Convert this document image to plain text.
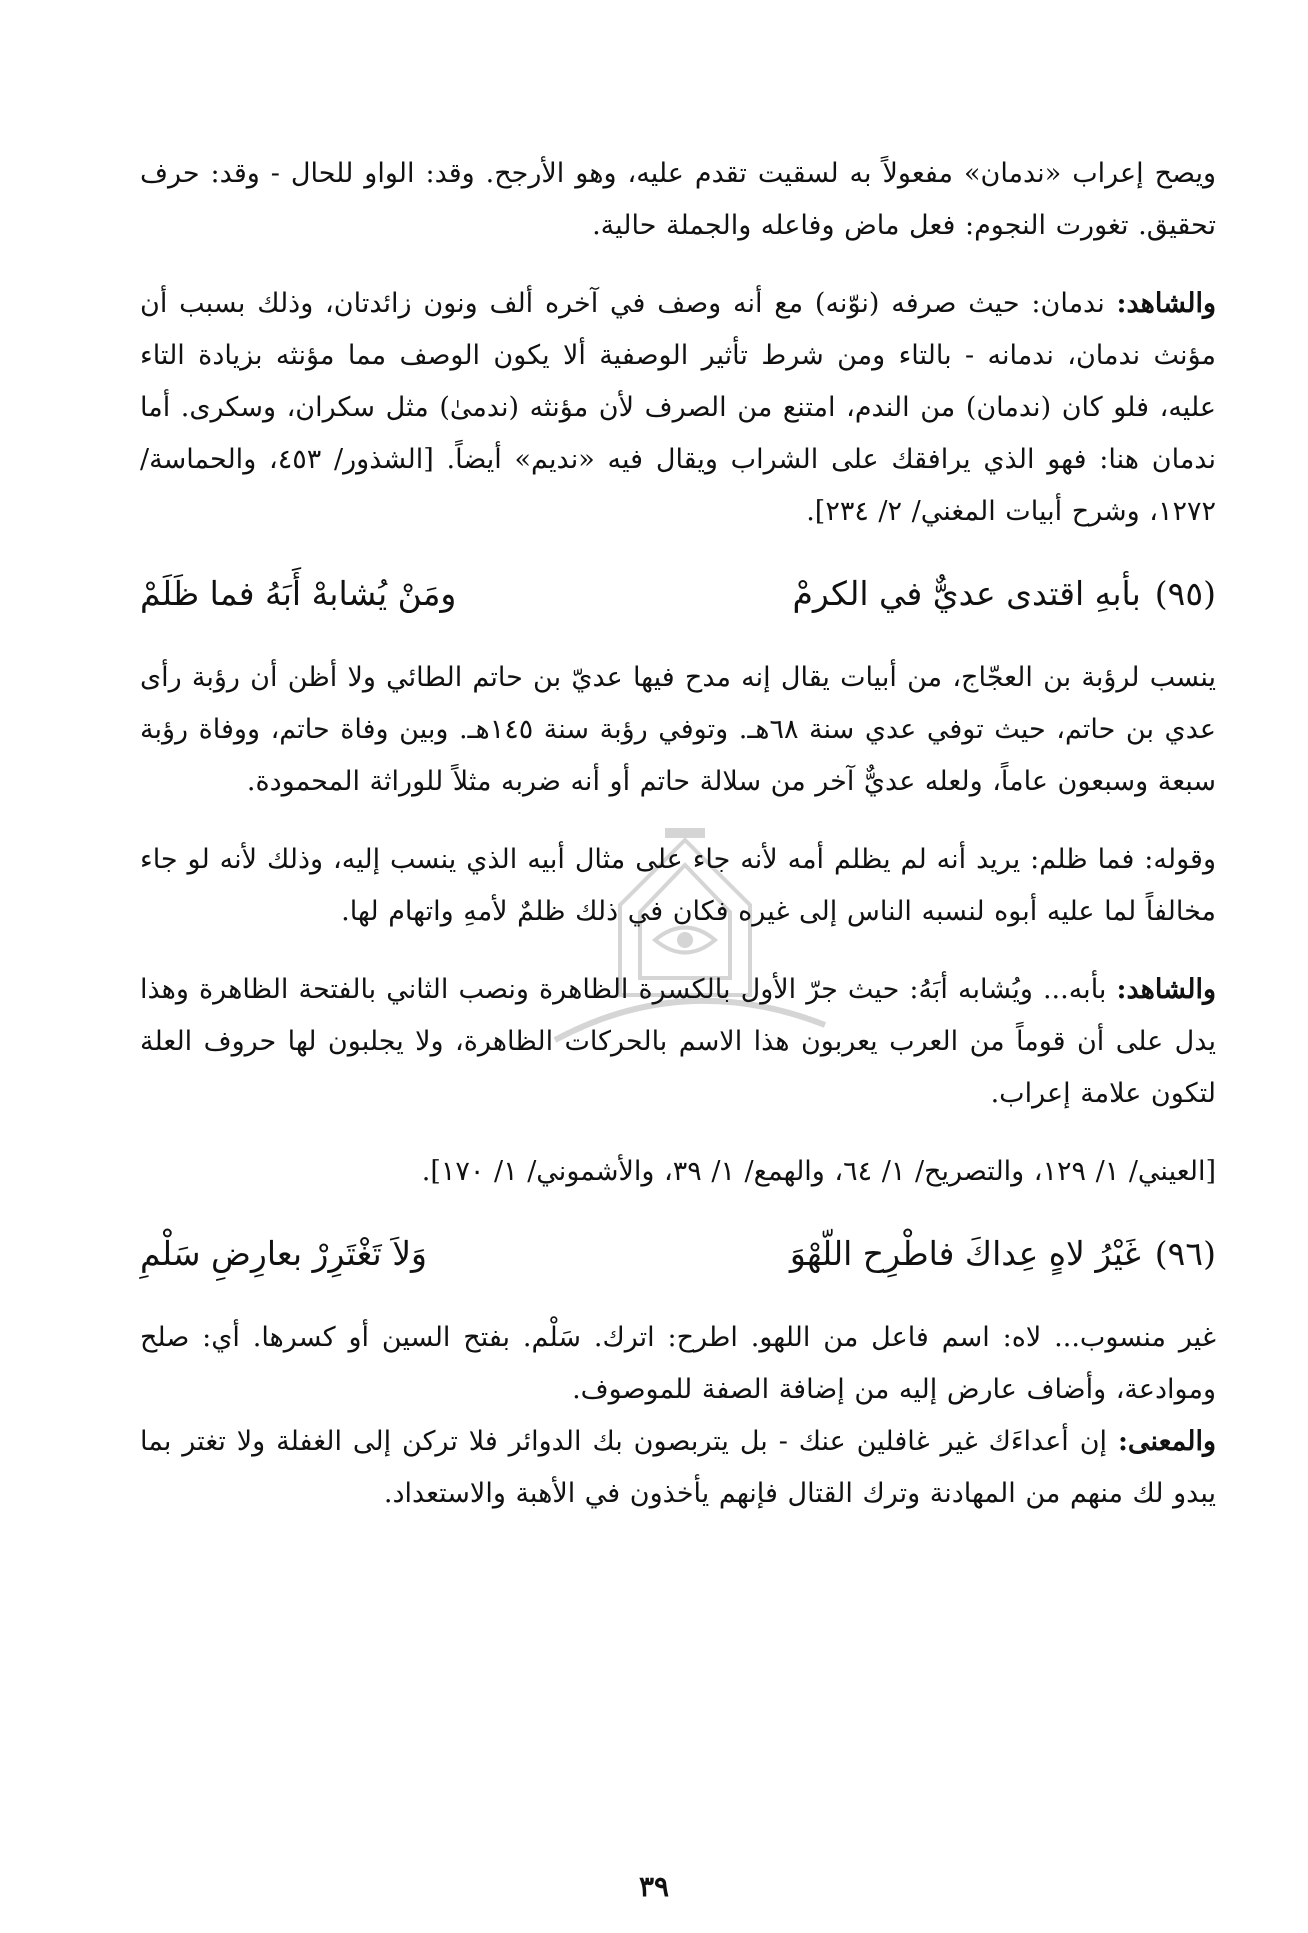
ويصح إعراب «ندمان» مفعولاً به لسقيت تقدم عليه، وهو الأرجح. وقد: الواو للحال - وقد: حرف تحقيق. تغورت النجوم: فعل ماض وفاعله والجملة حالية.

والشاهد: ندمان: حيث صرفه (نوّنه) مع أنه وصف في آخره ألف ونون زائدتان، وذلك بسبب أن مؤنث ندمان، ندمانه - بالتاء ومن شرط تأثير الوصفية ألا يكون الوصف مما مؤنثه بزيادة التاء عليه، فلو كان (ندمان) من الندم، امتنع من الصرف لأن مؤنثه (ندمىٰ) مثل سكران، وسكرى. أما ندمان هنا: فهو الذي يرافقك على الشراب ويقال فيه «نديم» أيضاً. [الشذور/ ٤٥٣، والحماسة/ ١٢٧٢، وشرح أبيات المغني/ ٢/ ٢٣٤].

(٩٥)
بأبهِ اقتدى عديٌّ في الكرمْ
ومَنْ يُشابهْ أَبَهُ فما ظَلَمْ

ينسب لرؤبة بن العجّاج، من أبيات يقال إنه مدح فيها عديّ بن حاتم الطائي ولا أظن أن رؤبة رأى عدي بن حاتم، حيث توفي عدي سنة ٦٨هـ. وتوفي رؤبة سنة ١٤٥هـ. وبين وفاة حاتم، ووفاة رؤبة سبعة وسبعون عاماً، ولعله عديٌّ آخر من سلالة حاتم أو أنه ضربه مثلاً للوراثة المحمودة.

وقوله: فما ظلم: يريد أنه لم يظلم أمه لأنه جاء على مثال أبيه الذي ينسب إليه، وذلك لأنه لو جاء مخالفاً لما عليه أبوه لنسبه الناس إلى غيره فكان في ذلك ظلمٌ لأمهِ واتهام لها.

والشاهد: بأبه... ويُشابه أبَهُ: حيث جرّ الأول بالكسرة الظاهرة ونصب الثاني بالفتحة الظاهرة وهذا يدل على أن قوماً من العرب يعربون هذا الاسم بالحركات الظاهرة، ولا يجلبون لها حروف العلة لتكون علامة إعراب.

[العيني/ ١/ ١٢٩، والتصريح/ ١/ ٦٤، والهمع/ ١/ ٣٩، والأشموني/ ١/ ١٧٠].

(٩٦)
غَيْرُ لاهٍ عِداكَ فاطْرِح اللّهْوَ
وَلاَ تَغْتَرِرْ بعارِضِ سَلْمِ

غير منسوب... لاه: اسم فاعل من اللهو. اطرح: اترك. سَلْم. بفتح السين أو كسرها. أي: صلح وموادعة، وأضاف عارض إليه من إضافة الصفة للموصوف.

والمعنى: إن أعداءَك غير غافلين عنك - بل يتربصون بك الدوائر فلا تركن إلى الغفلة ولا تغتر بما يبدو لك منهم من المهادنة وترك القتال فإنهم يأخذون في الأهبة والاستعداد.

٣٩
